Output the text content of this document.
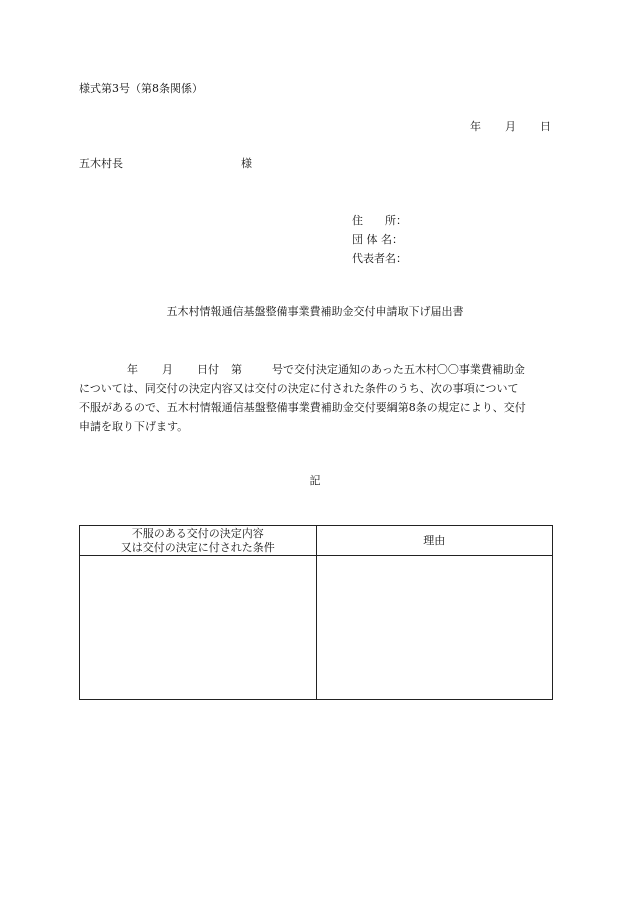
様式第3号（第8条関係）
年 月 日
五木村長	様
住　　所：
団 体 名：
代表者名：
五木村情報通信基盤整備事業費補助金交付申請取下げ届出書
年 月 日付 第	号で交付決定通知のあった五木村〇〇事業費補助金
については、同交付の決定内容又は交付の決定に付された条件のうち、次の事項について
不服があるので、五木村情報通信基盤整備事業費補助金交付要綱第8条の規定により、交付
申請を取り下げます。
記
不服のある交付の決定内容
又は交付の決定に付された条件	理由
